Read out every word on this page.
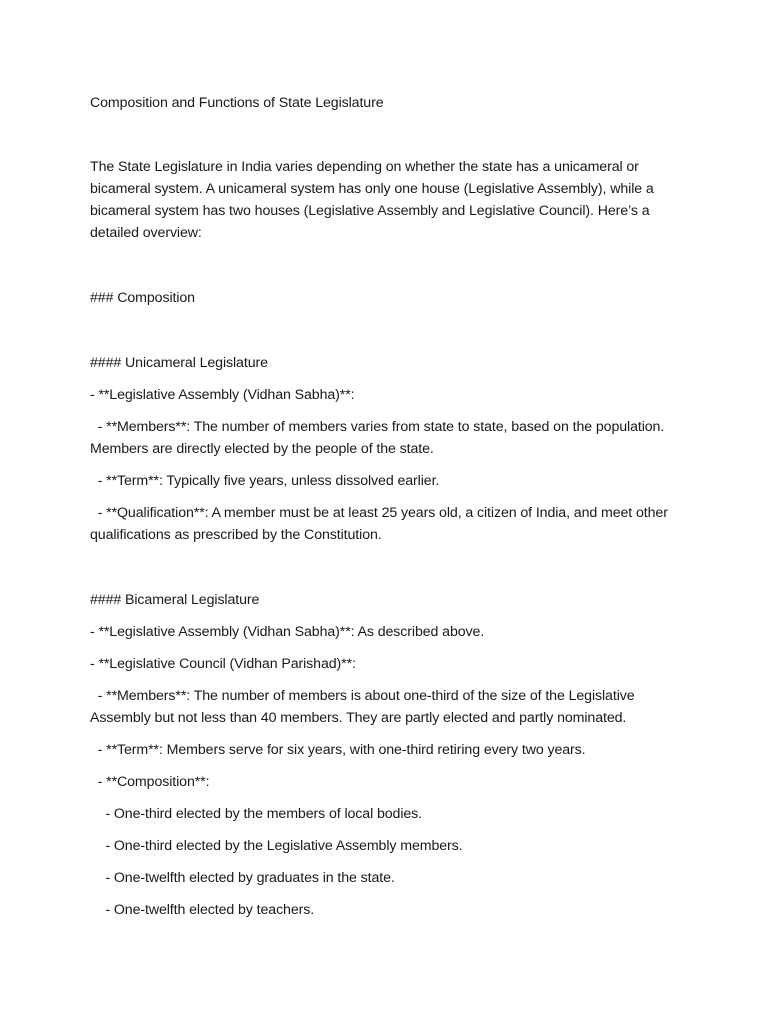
Composition and Functions of State Legislature

The State Legislature in India varies depending on whether the state has a unicameral or bicameral system. A unicameral system has only one house (Legislative Assembly), while a bicameral system has two houses (Legislative Assembly and Legislative Council). Here’s a detailed overview:

### Composition

#### Unicameral Legislature

- **Legislative Assembly (Vidhan Sabha)**:

- **Members**: The number of members varies from state to state, based on the population. Members are directly elected by the people of the state.

- **Term**: Typically five years, unless dissolved earlier.

- **Qualification**: A member must be at least 25 years old, a citizen of India, and meet other qualifications as prescribed by the Constitution.

#### Bicameral Legislature

- **Legislative Assembly (Vidhan Sabha)**: As described above.

- **Legislative Council (Vidhan Parishad)**:

- **Members**: The number of members is about one-third of the size of the Legislative Assembly but not less than 40 members. They are partly elected and partly nominated.

- **Term**: Members serve for six years, with one-third retiring every two years.

- **Composition**:

- One-third elected by the members of local bodies.

- One-third elected by the Legislative Assembly members.

- One-twelfth elected by graduates in the state.

- One-twelfth elected by teachers.
